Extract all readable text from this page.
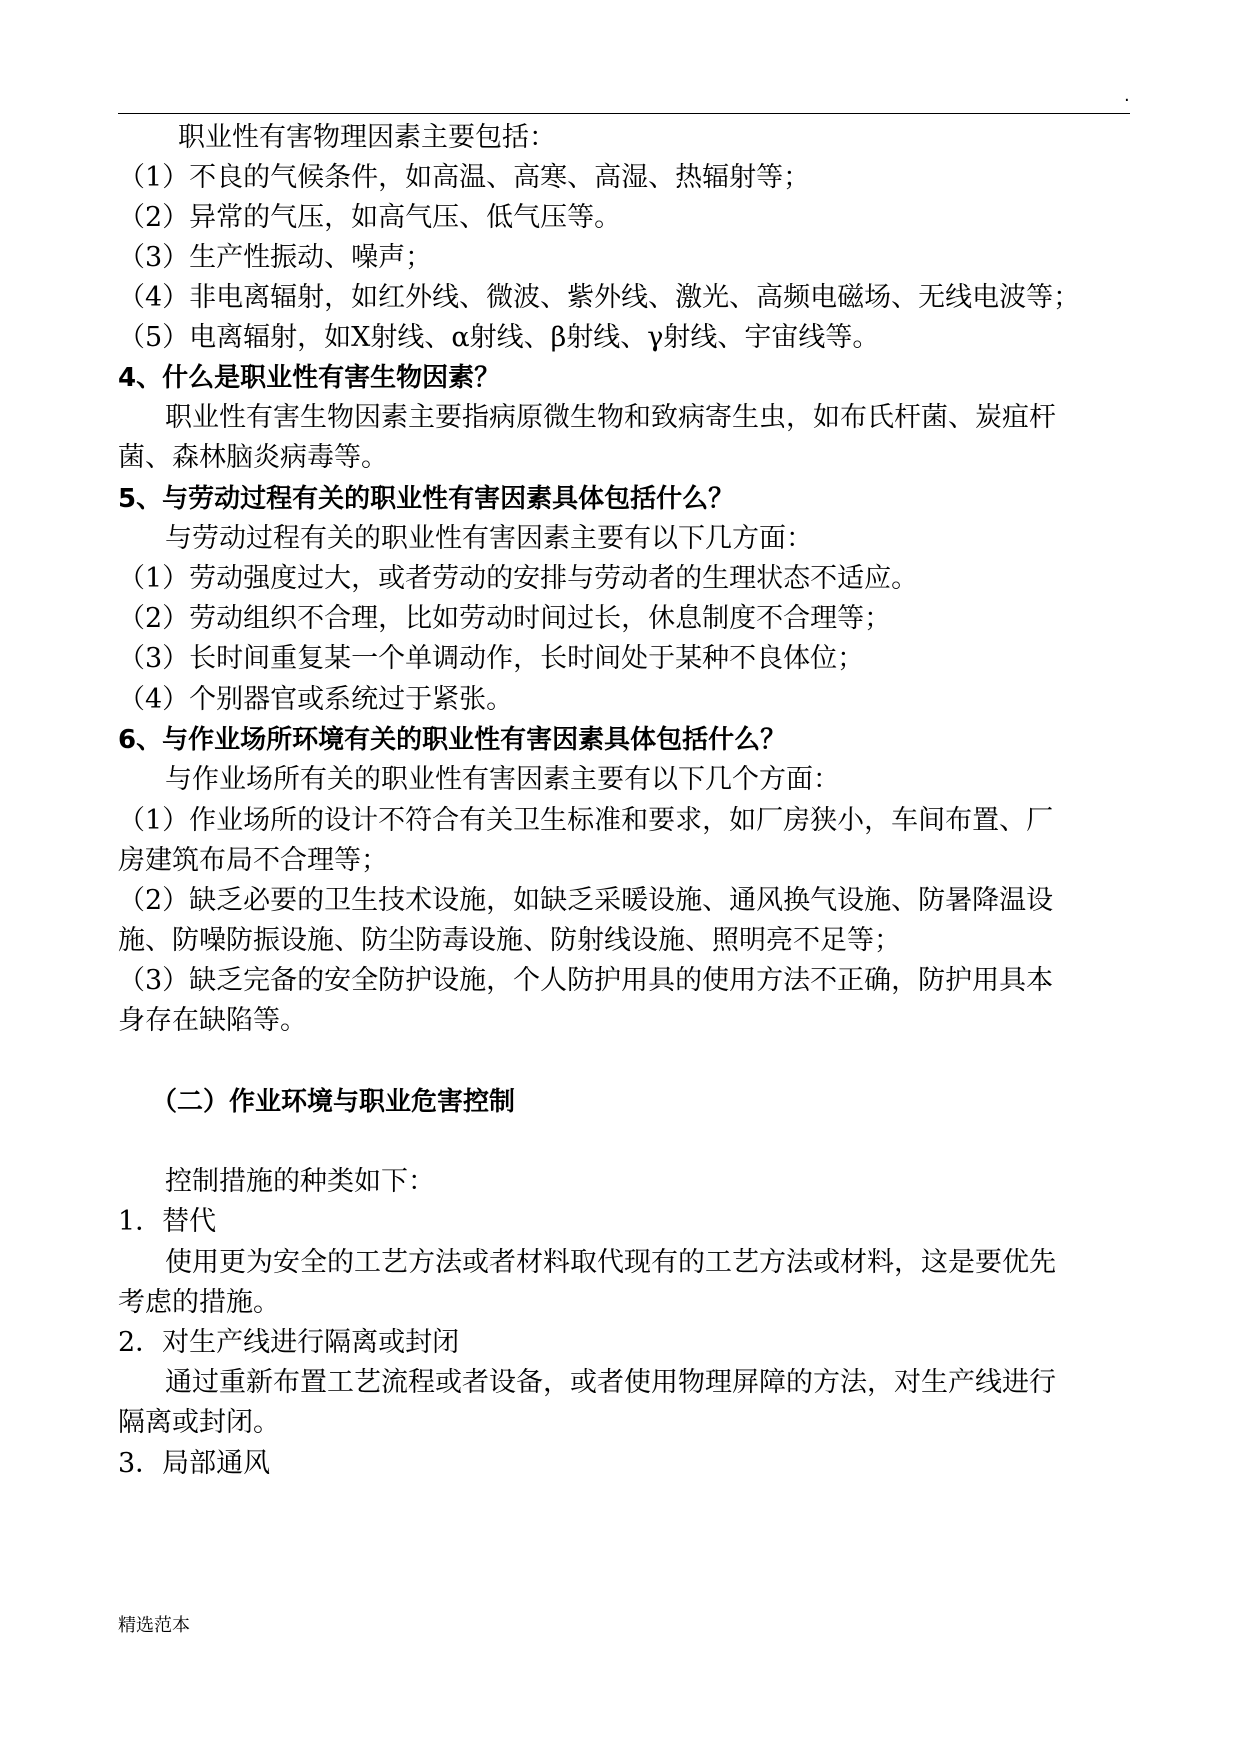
.
职业性有害物理因素主要包括：
（1）不良的气候条件，如高温、高寒、高湿、热辐射等；
（2）异常的气压，如高气压、低气压等。
（3）生产性振动、噪声；
（4）非电离辐射，如红外线、微波、紫外线、激光、高频电磁场、无线电波等；
（5）电离辐射，如X射线、α射线、β射线、γ射线、宇宙线等。
4、什么是职业性有害生物因素？
职业性有害生物因素主要指病原微生物和致病寄生虫，如布氏杆菌、炭疽杆
菌、森林脑炎病毒等。
5、与劳动过程有关的职业性有害因素具体包括什么？
与劳动过程有关的职业性有害因素主要有以下几方面：
（1）劳动强度过大，或者劳动的安排与劳动者的生理状态不适应。
（2）劳动组织不合理，比如劳动时间过长，休息制度不合理等；
（3）长时间重复某一个单调动作，长时间处于某种不良体位；
（4）个别器官或系统过于紧张。
6、与作业场所环境有关的职业性有害因素具体包括什么？
与作业场所有关的职业性有害因素主要有以下几个方面：
（1）作业场所的设计不符合有关卫生标准和要求，如厂房狭小，车间布置、厂
房建筑布局不合理等；
（2）缺乏必要的卫生技术设施，如缺乏采暖设施、通风换气设施、防暑降温设
施、防噪防振设施、防尘防毒设施、防射线设施、照明亮不足等；
（3）缺乏完备的安全防护设施，个人防护用具的使用方法不正确，防护用具本
身存在缺陷等。
（二）作业环境与职业危害控制
控制措施的种类如下：
1．替代
使用更为安全的工艺方法或者材料取代现有的工艺方法或材料，这是要优先
考虑的措施。
2．对生产线进行隔离或封闭
通过重新布置工艺流程或者设备，或者使用物理屏障的方法，对生产线进行
隔离或封闭。
3．局部通风
精选范本
